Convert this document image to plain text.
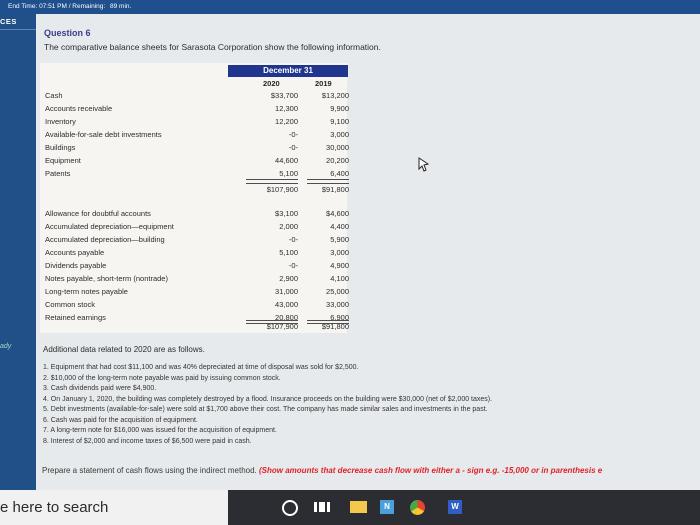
End Time: 07:51 PM / Remaining: 89 min.
CES
ady
Question 6
The comparative balance sheets for Sarasota Corporation show the following information.
December 31
2020	2019
Cash	$33,700	$13,200
Accounts receivable	12,300	9,900
Inventory	12,200	9,100
Available-for-sale debt investments	-0-	3,000
Buildings	-0-	30,000
Equipment	44,600	20,200
Patents	5,100	6,400
$107,900	$91,800
Allowance for doubtful accounts	$3,100	$4,600
Accumulated depreciation—equipment	2,000	4,400
Accumulated depreciation—building	-0-	5,900
Accounts payable	5,100	3,000
Dividends payable	-0-	4,900
Notes payable, short-term (nontrade)	2,900	4,100
Long-term notes payable	31,000	25,000
Common stock	43,000	33,000
Retained earnings	20,800	6,900
$107,900	$91,800
Additional data related to 2020 are as follows.
1. Equipment that had cost $11,100 and was 40% depreciated at time of disposal was sold for $2,500.
2. $10,000 of the long-term note payable was paid by issuing common stock.
3. Cash dividends paid were $4,900.
4. On January 1, 2020, the building was completely destroyed by a flood. Insurance proceeds on the building were $30,000 (net of $2,000 taxes).
5. Debt investments (available-for-sale) were sold at $1,700 above their cost. The company has made similar sales and investments in the past.
6. Cash was paid for the acquisition of equipment.
7. A long-term note for $16,000 was issued for the acquisition of equipment.
8. Interest of $2,000 and income taxes of $6,500 were paid in cash.
Prepare a statement of cash flows using the indirect method. (Show amounts that decrease cash flow with either a - sign e.g. -15,000 or in parenthesis e
e here to search	N	W
